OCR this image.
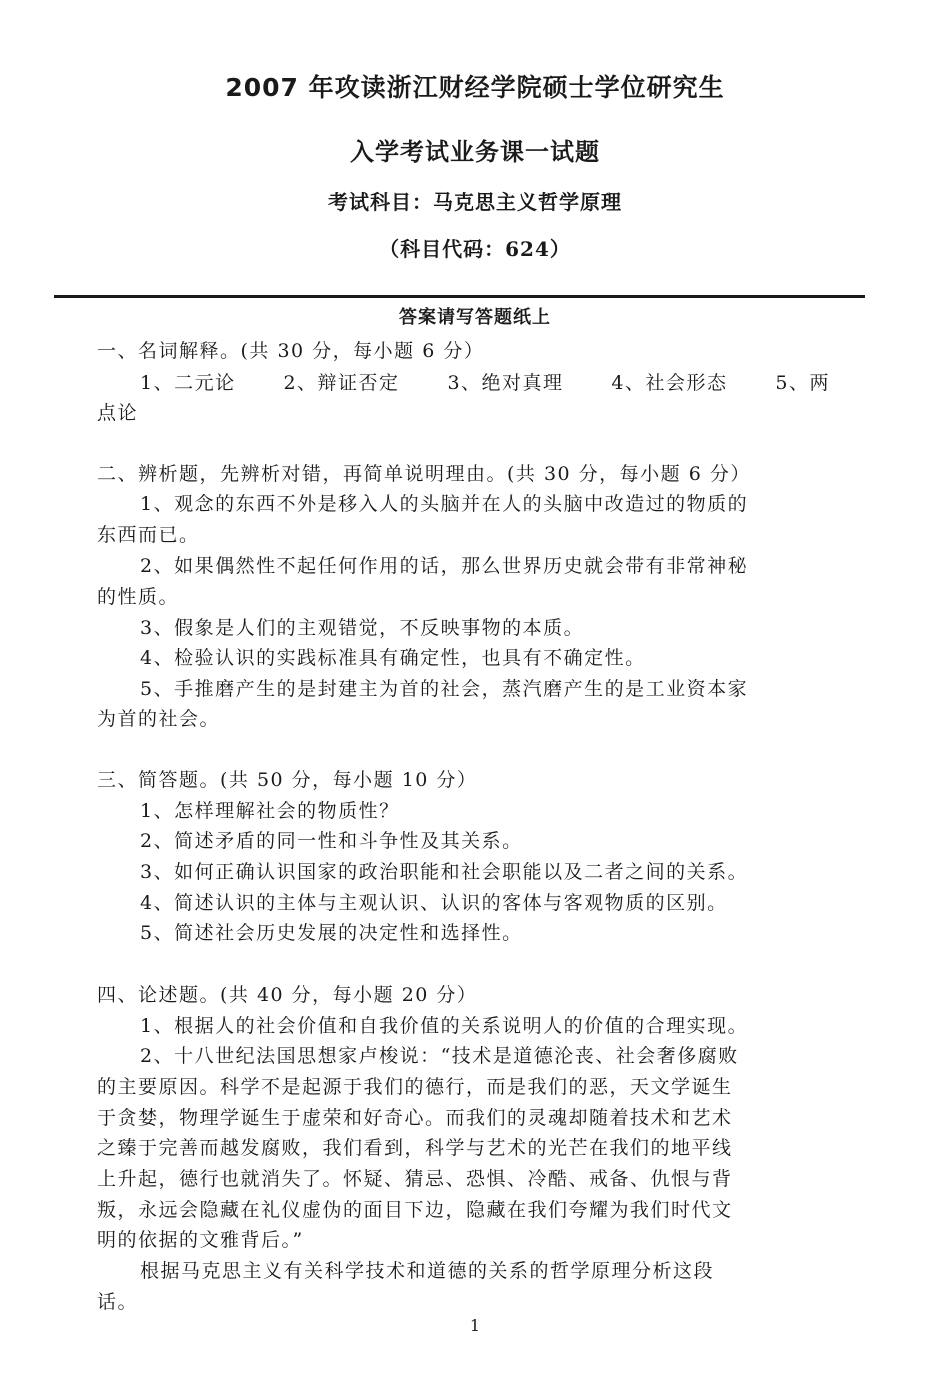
2007 年攻读浙江财经学院硕士学位研究生
入学考试业务课一试题
考试科目：马克思主义哲学原理
（科目代码：624）
答案请写答题纸上
一、名词解释。(共 30 分，每小题 6 分）
1、二元论	2、辩证否定	3、绝对真理	4、社会形态	5、两
点论
二、辨析题，先辨析对错，再简单说明理由。(共 30 分，每小题 6 分）
1、观念的东西不外是移入人的头脑并在人的头脑中改造过的物质的
东西而已。
2、如果偶然性不起任何作用的话，那么世界历史就会带有非常神秘
的性质。
3、假象是人们的主观错觉，不反映事物的本质。
4、检验认识的实践标准具有确定性，也具有不确定性。
5、手推磨产生的是封建主为首的社会，蒸汽磨产生的是工业资本家
为首的社会。
三、简答题。(共 50 分，每小题 10 分）
1、怎样理解社会的物质性？
2、简述矛盾的同一性和斗争性及其关系。
3、如何正确认识国家的政治职能和社会职能以及二者之间的关系。
4、简述认识的主体与主观认识、认识的客体与客观物质的区别。
5、简述社会历史发展的决定性和选择性。
四、论述题。(共 40 分，每小题 20 分）
1、根据人的社会价值和自我价值的关系说明人的价值的合理实现。
2、十八世纪法国思想家卢梭说：“技术是道德沦丧、社会奢侈腐败
的主要原因。科学不是起源于我们的德行，而是我们的恶，天文学诞生
于贪婪，物理学诞生于虚荣和好奇心。而我们的灵魂却随着技术和艺术
之臻于完善而越发腐败，我们看到，科学与艺术的光芒在我们的地平线
上升起，德行也就消失了。怀疑、猜忌、恐惧、冷酷、戒备、仇恨与背
叛，永远会隐藏在礼仪虚伪的面目下边，隐藏在我们夸耀为我们时代文
明的依据的文雅背后。”
根据马克思主义有关科学技术和道德的关系的哲学原理分析这段
话。
1
